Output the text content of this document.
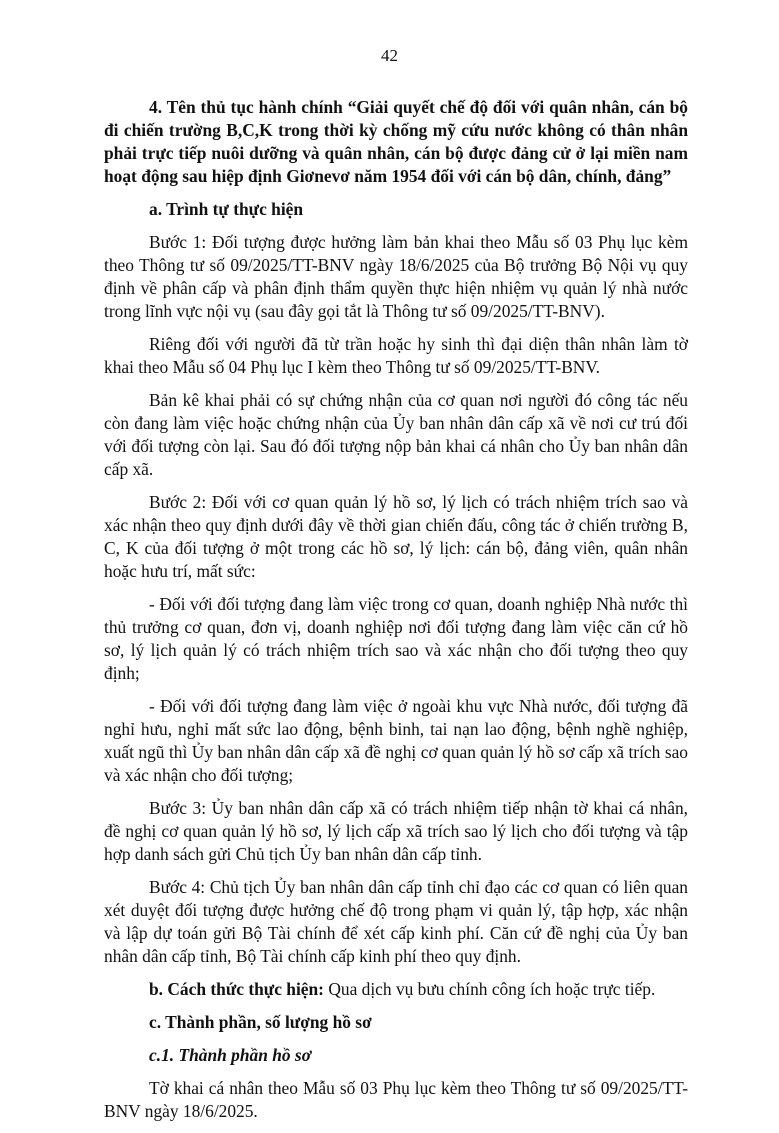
42

4. Tên thủ tục hành chính “Giải quyết chế độ đối với quân nhân, cán bộ đi chiến trường B,C,K trong thời kỳ chống mỹ cứu nước không có thân nhân phải trực tiếp nuôi dưỡng và quân nhân, cán bộ được đảng cử ở lại miền nam hoạt động sau hiệp định Giơnevơ năm 1954 đối với cán bộ dân, chính, đảng”

a. Trình tự thực hiện

Bước 1: Đối tượng được hưởng làm bản khai theo Mẫu số 03 Phụ lục kèm theo Thông tư số 09/2025/TT-BNV ngày 18/6/2025 của Bộ trưởng Bộ Nội vụ quy định về phân cấp và phân định thẩm quyền thực hiện nhiệm vụ quản lý nhà nước trong lĩnh vực nội vụ (sau đây gọi tắt là Thông tư số 09/2025/TT-BNV).

Riêng đối với người đã từ trần hoặc hy sinh thì đại diện thân nhân làm tờ khai theo Mẫu số 04 Phụ lục I kèm theo Thông tư số 09/2025/TT-BNV.

Bản kê khai phải có sự chứng nhận của cơ quan nơi người đó công tác nếu còn đang làm việc hoặc chứng nhận của Ủy ban nhân dân cấp xã về nơi cư trú đối với đối tượng còn lại. Sau đó đối tượng nộp bản khai cá nhân cho Ủy ban nhân dân cấp xã.

Bước 2: Đối với cơ quan quản lý hồ sơ, lý lịch có trách nhiệm trích sao và xác nhận theo quy định dưới đây về thời gian chiến đấu, công tác ở chiến trường B, C, K của đối tượng ở một trong các hồ sơ, lý lịch: cán bộ, đảng viên, quân nhân hoặc hưu trí, mất sức:

- Đối với đối tượng đang làm việc trong cơ quan, doanh nghiệp Nhà nước thì thủ trưởng cơ quan, đơn vị, doanh nghiệp nơi đối tượng đang làm việc căn cứ hồ sơ, lý lịch quản lý có trách nhiệm trích sao và xác nhận cho đối tượng theo quy định;

- Đối với đối tượng đang làm việc ở ngoài khu vực Nhà nước, đối tượng đã nghỉ hưu, nghỉ mất sức lao động, bệnh binh, tai nạn lao động, bệnh nghề nghiệp, xuất ngũ thì Ủy ban nhân dân cấp xã đề nghị cơ quan quản lý hồ sơ cấp xã trích sao và xác nhận cho đối tượng;

Bước 3: Ủy ban nhân dân cấp xã có trách nhiệm tiếp nhận tờ khai cá nhân, đề nghị cơ quan quản lý hồ sơ, lý lịch cấp xã trích sao lý lịch cho đối tượng và tập hợp danh sách gửi Chủ tịch Ủy ban nhân dân cấp tỉnh.

Bước 4: Chủ tịch Ủy ban nhân dân cấp tỉnh chỉ đạo các cơ quan có liên quan xét duyệt đối tượng được hưởng chế độ trong phạm vi quản lý, tập hợp, xác nhận và lập dự toán gửi Bộ Tài chính để xét cấp kinh phí. Căn cứ đề nghị của Ủy ban nhân dân cấp tỉnh, Bộ Tài chính cấp kinh phí theo quy định.

b. Cách thức thực hiện: Qua dịch vụ bưu chính công ích hoặc trực tiếp.

c. Thành phần, số lượng hồ sơ

c.1. Thành phần hồ sơ

Tờ khai cá nhân theo Mẫu số 03 Phụ lục kèm theo Thông tư số 09/2025/TT-BNV ngày 18/6/2025.
